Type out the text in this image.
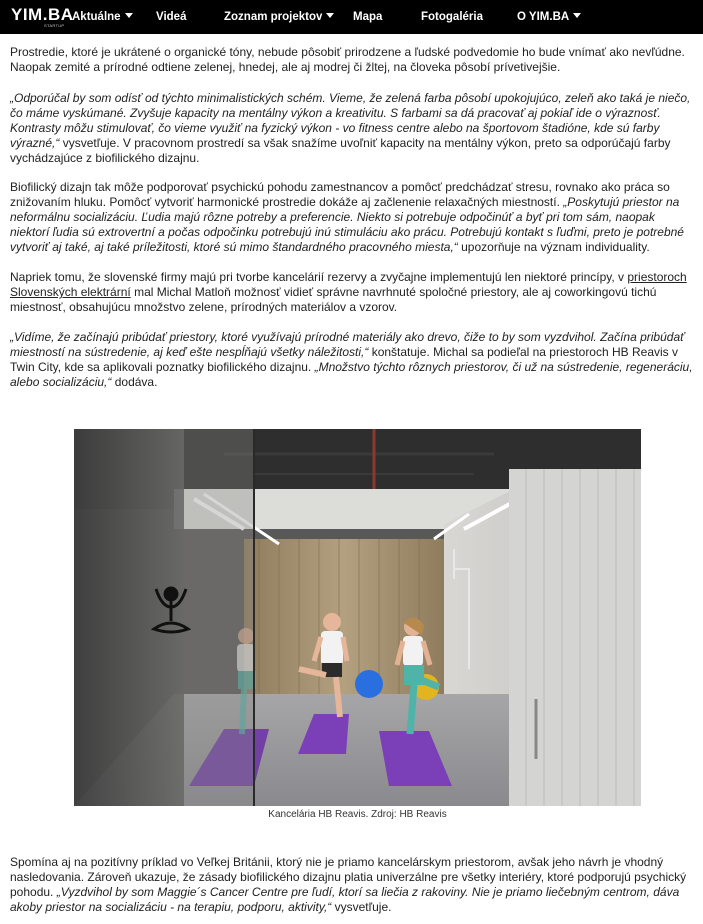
YIM.BA
STARTUP
Aktuálne	Videá	Zoznam projektov	Mapa	Fotogaléria	O YIM.BA

Prostredie, ktoré je ukrátené o organické tóny, nebude pôsobiť prirodzene a ľudské podvedomie ho bude vnímať ako nevľúdne. Naopak zemité a prírodné odtiene zelenej, hnedej, ale aj modrej či žltej, na človeka pôsobí prívetivejšie.

„Odporúčal by som odísť od týchto minimalistických schém. Vieme, že zelená farba pôsobí upokojujúco, zeleň ako taká je niečo, čo máme vyskúmané. Zvyšuje kapacity na mentálny výkon a kreativitu. S farbami sa dá pracovať aj pokiaľ ide o výraznosť. Kontrasty môžu stimulovať, čo vieme využiť na fyzický výkon - vo fitness centre alebo na športovom štadióne, kde sú farby výrazné,“ vysvetľuje. V pracovnom prostredí sa však snažíme uvoľniť kapacity na mentálny výkon, preto sa odporúčajú farby vychádzajúce z biofilického dizajnu.

Biofilický dizajn tak môže podporovať psychickú pohodu zamestnancov a pomôcť predchádzať stresu, rovnako ako práca so znižovaním hluku. Pomôcť vytvoriť harmonické prostredie dokáže aj začlenenie relaxačných miestností. „Poskytujú priestor na neformálnu socializáciu. Ľudia majú rôzne potreby a preferencie. Niekto si potrebuje odpočinúť a byť pri tom sám, naopak niektorí ľudia sú extrovertní a počas odpočinku potrebujú inú stimuláciu ako prácu. Potrebujú kontakt s ľuďmi, preto je potrebné vytvoriť aj také, aj také príležitosti, ktoré sú mimo štandardného pracovného miesta,“ upozorňuje na význam individuality.

Napriek tomu, že slovenské firmy majú pri tvorbe kancelárií rezervy a zvyčajne implementujú len niektoré princípy, v priestoroch Slovenských elektrární mal Michal Matloň možnosť vidieť správne navrhnuté spoločné priestory, ale aj coworkingovú tichú miestnosť, obsahujúcu množstvo zelene, prírodných materiálov a vzorov.

„Vidíme, že začínajú pribúdať priestory, ktoré využívajú prírodné materiály ako drevo, čiže to by som vyzdvihol. Začína pribúdať miestností na sústredenie, aj keď ešte nespĺňajú všetky náležitosti,“ konštatuje. Michal sa podieľal na priestoroch HB Reavis v Twin City, kde sa aplikovali poznatky biofilického dizajnu. „Množstvo týchto rôznych priestorov, či už na sústredenie, regeneráciu, alebo socializáciu,“ dodáva.

Kancelária HB Reavis. Zdroj: HB Reavis

Spomína aj na pozitívny príklad vo Veľkej Británii, ktorý nie je priamo kancelárskym priestorom, avšak jeho návrh je vhodný nasledovania. Zároveň ukazuje, že zásady biofilického dizajnu platia univerzálne pre všetky interiéry, ktoré podporujú psychický pohodu. „Vyzdvihol by som Maggie´s Cancer Centre pre ľudí, ktorí sa liečia z rakoviny. Nie je priamo liečebným centrom, dáva akoby priestor na socializáciu - na terapiu, podporu, aktivity,“ vysvetľuje.
